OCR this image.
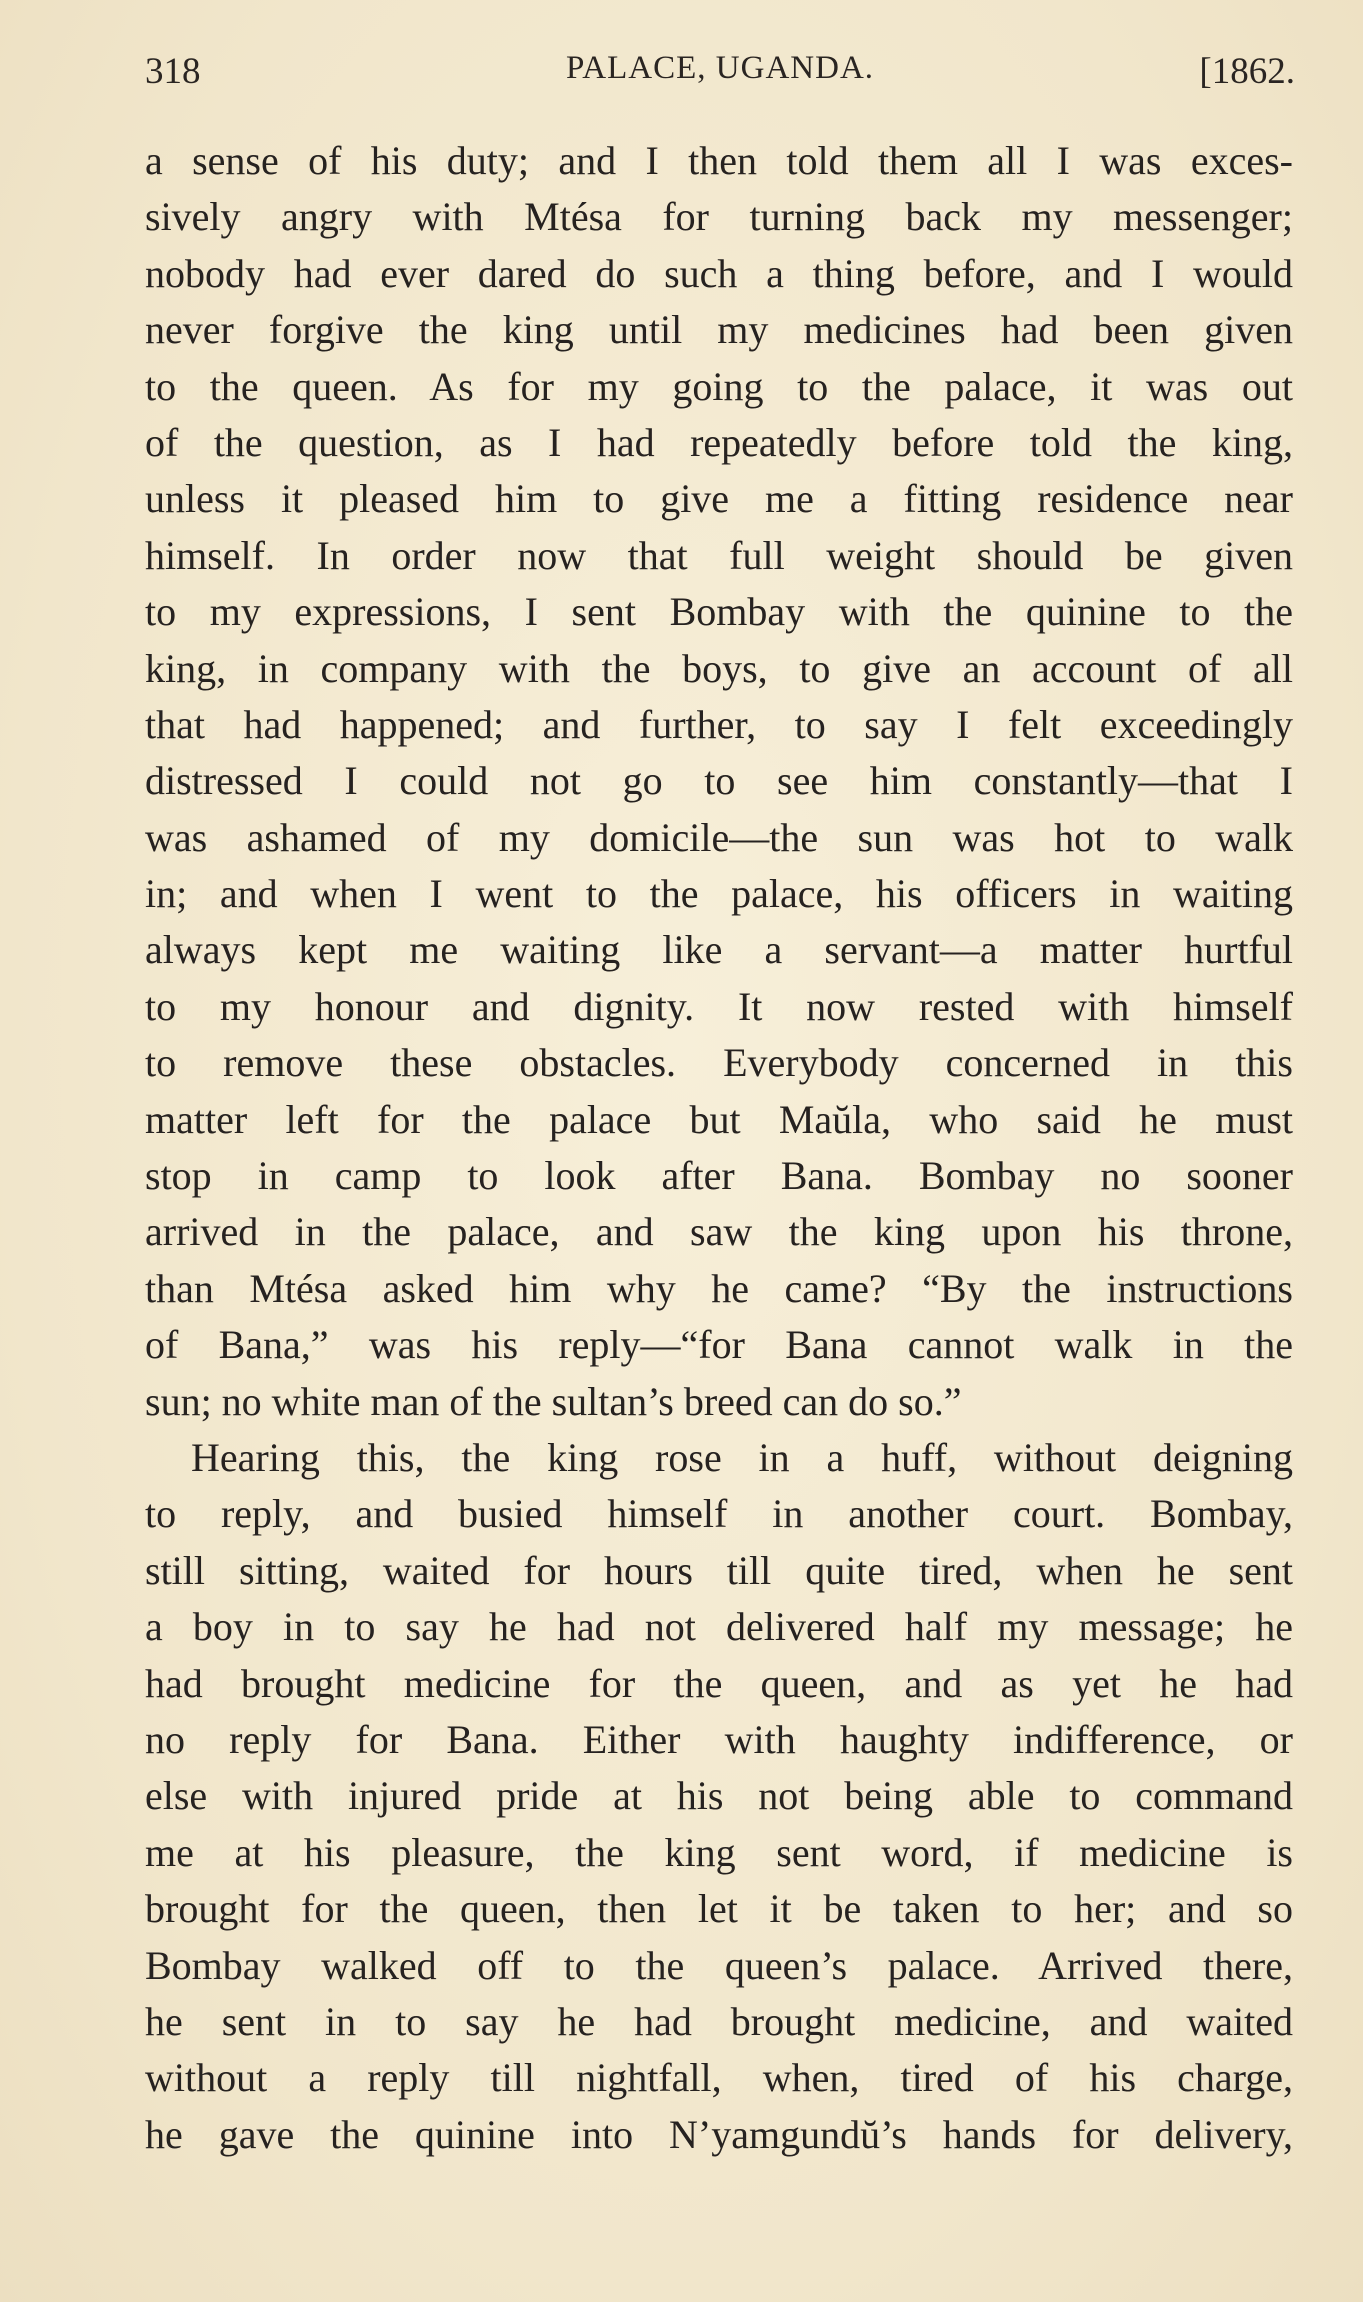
318	PALACE, UGANDA.	[1862.
a sense of his duty; and I then told them all I was exces-
sively angry with Mtésa for turning back my messenger;
nobody had ever dared do such a thing before, and I would
never forgive the king until my medicines had been given
to the queen. As for my going to the palace, it was out
of the question, as I had repeatedly before told the king,
unless it pleased him to give me a fitting residence near
himself. In order now that full weight should be given
to my expressions, I sent Bombay with the quinine to the
king, in company with the boys, to give an account of all
that had happened; and further, to say I felt exceedingly
distressed I could not go to see him constantly—that I
was ashamed of my domicile—the sun was hot to walk
in; and when I went to the palace, his officers in waiting
always kept me waiting like a servant—a matter hurtful
to my honour and dignity. It now rested with himself
to remove these obstacles. Everybody concerned in this
matter left for the palace but Maŭla, who said he must
stop in camp to look after Bana. Bombay no sooner
arrived in the palace, and saw the king upon his throne,
than Mtésa asked him why he came? “By the instructions
of Bana,” was his reply—“for Bana cannot walk in the
sun; no white man of the sultan’s breed can do so.”
Hearing this, the king rose in a huff, without deigning
to reply, and busied himself in another court. Bombay,
still sitting, waited for hours till quite tired, when he sent
a boy in to say he had not delivered half my message; he
had brought medicine for the queen, and as yet he had
no reply for Bana. Either with haughty indifference, or
else with injured pride at his not being able to command
me at his pleasure, the king sent word, if medicine is
brought for the queen, then let it be taken to her; and so
Bombay walked off to the queen’s palace. Arrived there,
he sent in to say he had brought medicine, and waited
without a reply till nightfall, when, tired of his charge,
he gave the quinine into N’yamgundŭ’s hands for delivery,
